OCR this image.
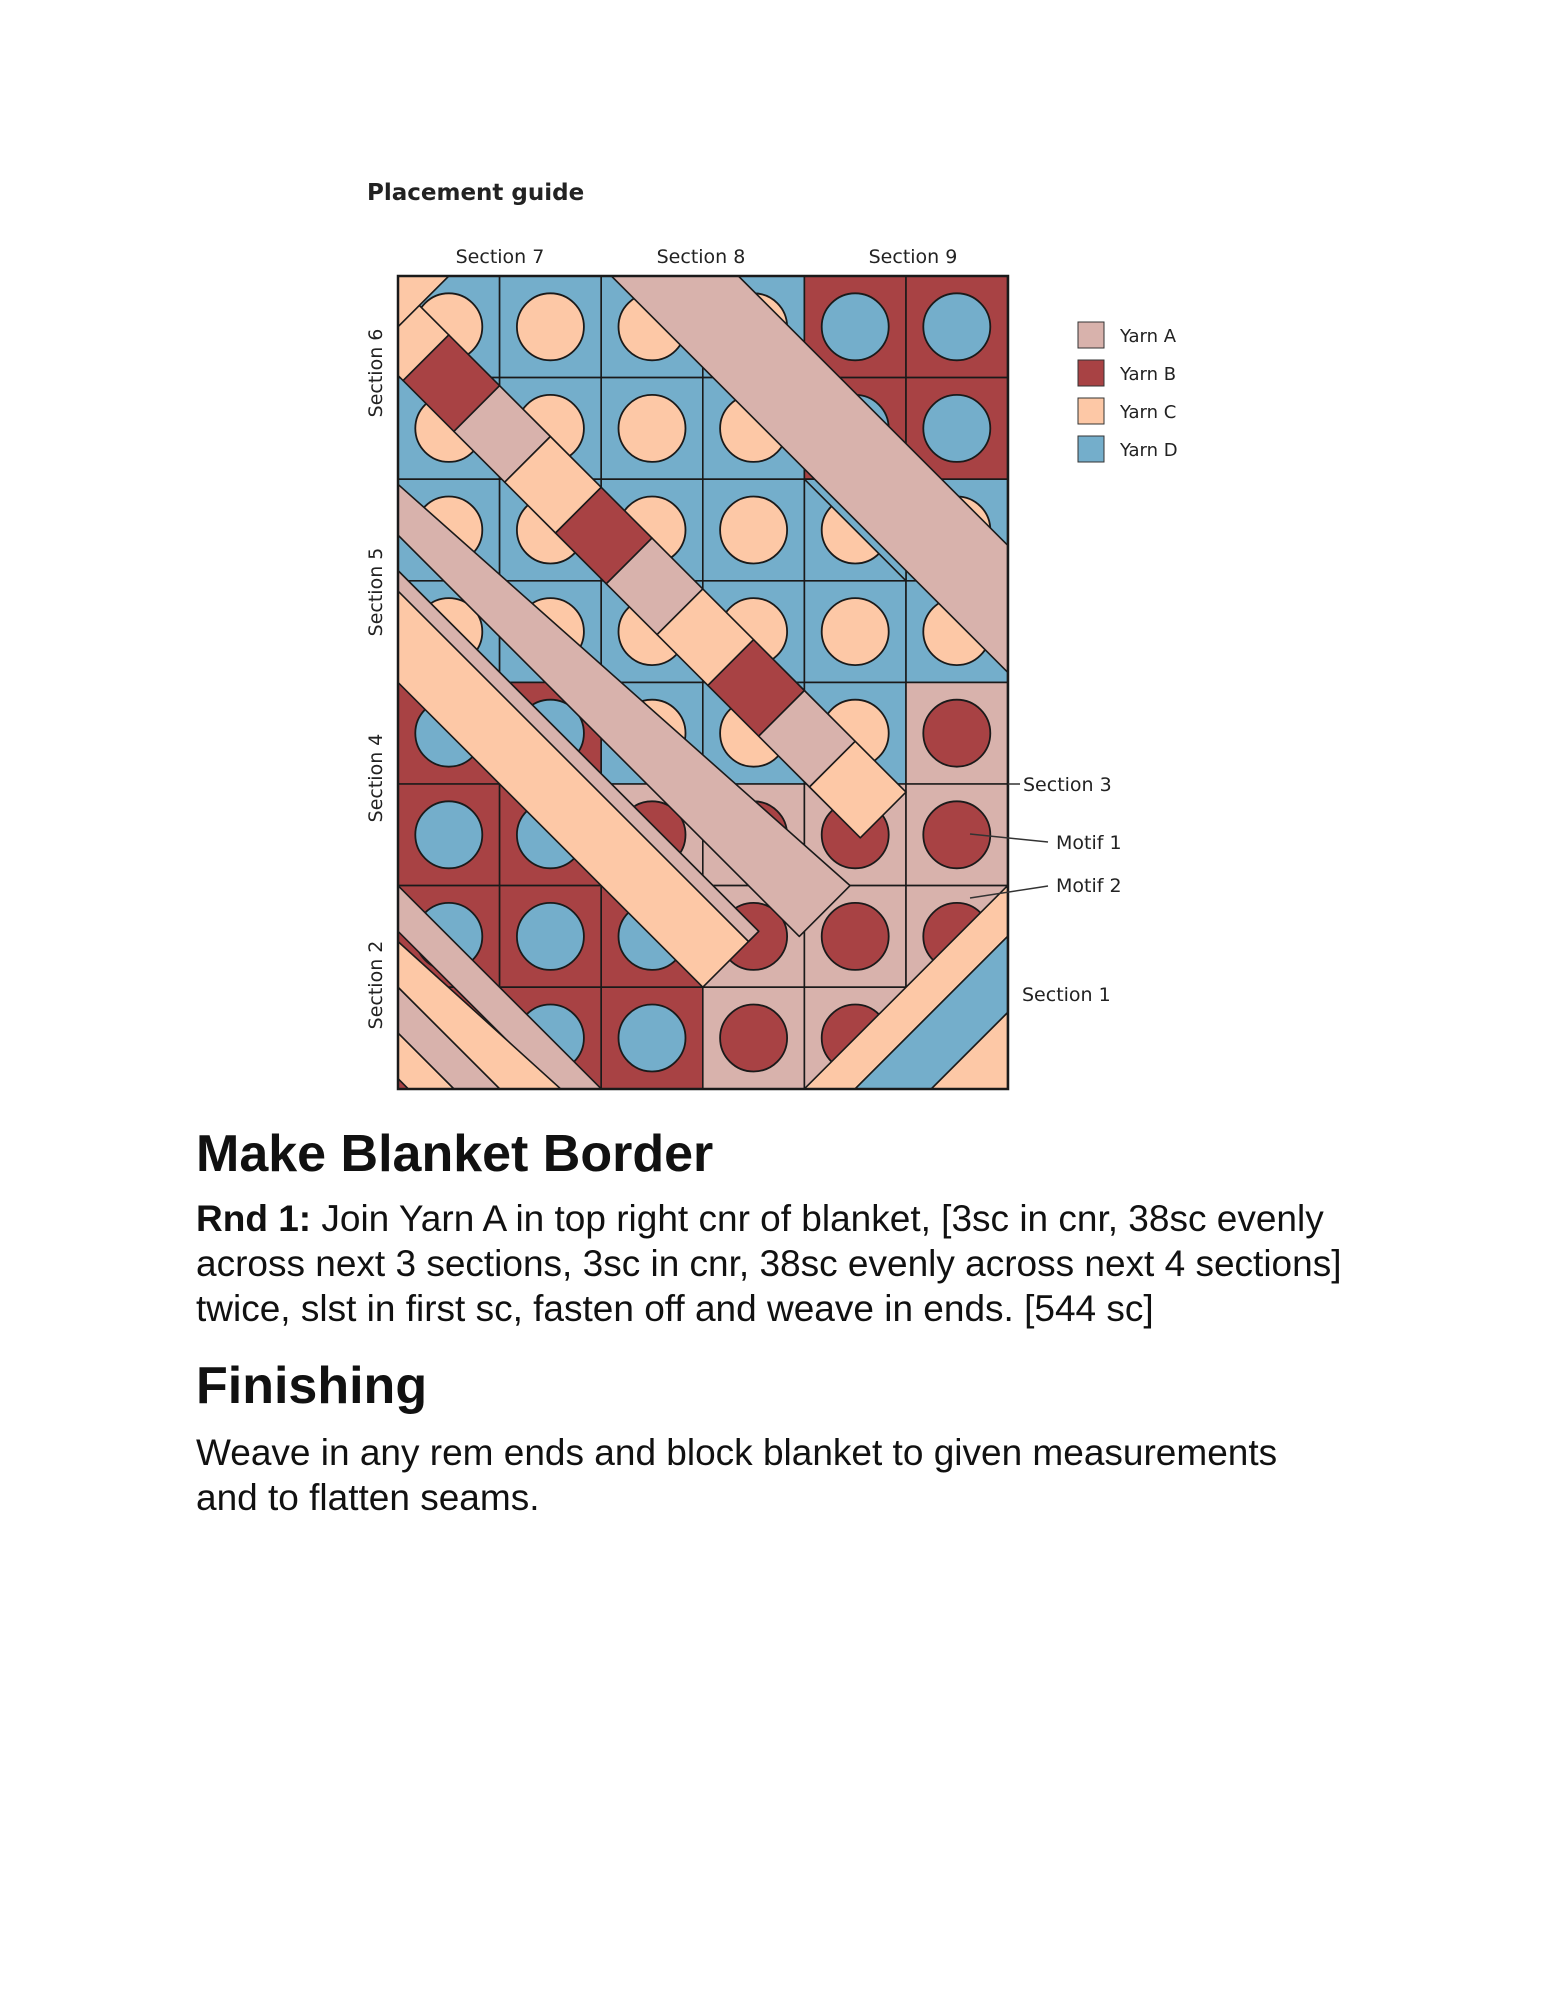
Placement guide
Section 7	Section 8	Section 9
Section 6
Section 5
Section 4
Section 2
Yarn A
Yarn B
Yarn C
Yarn D
Section 3
Motif 1
Motif 2
Section 1
Make Blanket Border

Rnd 1: Join Yarn A in top right cnr of blanket, [3sc in cnr, 38sc evenly across next 3 sections, 3sc in cnr, 38sc evenly across next 4 sections] twice, slst in first sc, fasten off and weave in ends. [544 sc]

Finishing

Weave in any rem ends and block blanket to given measurements and to flatten seams.
